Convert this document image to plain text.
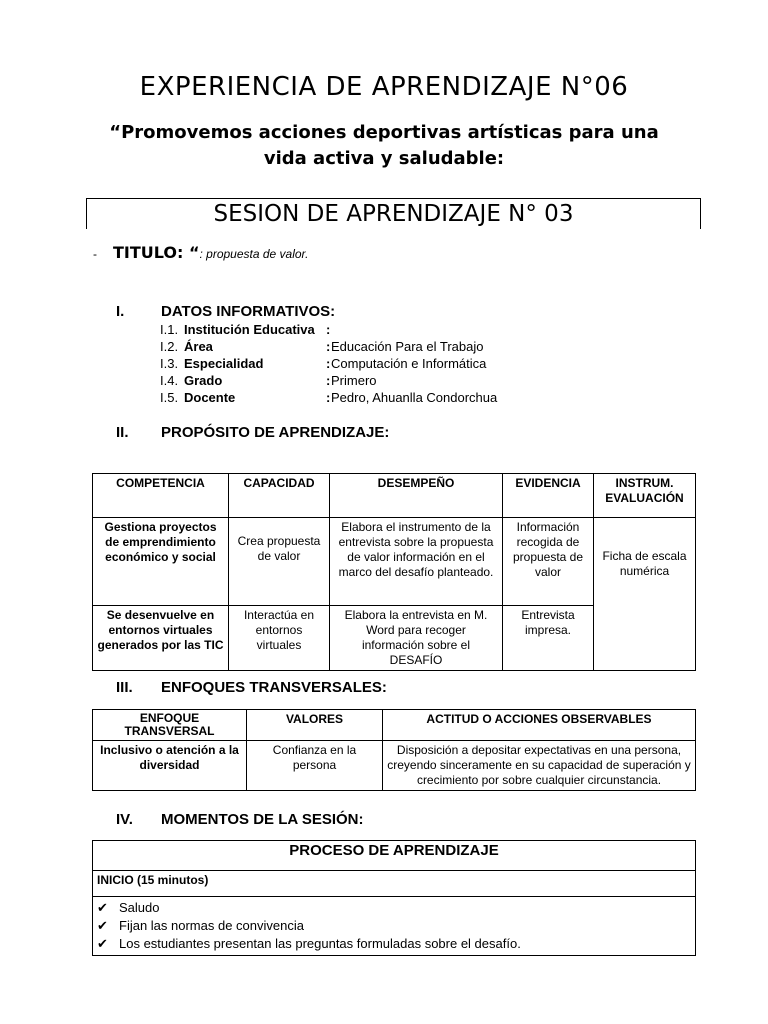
EXPERIENCIA DE APRENDIZAJE N°06
“Promovemos acciones deportivas artísticas para una vida activa y saludable:
SESION DE APRENDIZAJE N° 03
- TITULO: “: propuesta de valor.
I. DATOS INFORMATIVOS:
I.1. Institución Educativa :
I.2. Área	: Educación Para el Trabajo
I.3. Especialidad	: Computación e Informática
I.4. Grado	: Primero
I.5. Docente	: Pedro, Ahuanlla Condorchua
II. PROPÓSITO DE APRENDIZAJE:
COMPETENCIA	CAPACIDAD	DESEMPEÑO	EVIDENCIA	INSTRUM. EVALUACIÓN
Gestiona proyectos de emprendimiento económico y social	Crea propuesta de valor	Elabora el instrumento de la entrevista sobre la propuesta de valor información en el marco del desafío planteado.	Información recogida de propuesta de valor	Ficha de escala numérica
Se desenvuelve en entornos virtuales generados por las TIC	Interactúa en entornos virtuales	Elabora la entrevista en M. Word para recoger información sobre el DESAFÍO	Entrevista impresa.	
III. ENFOQUES TRANSVERSALES:
ENFOQUE TRANSVERSAL	VALORES	ACTITUD O ACCIONES OBSERVABLES
Inclusivo o atención a la diversidad	Confianza en la persona	Disposición a depositar expectativas en una persona, creyendo sinceramente en su capacidad de superación y crecimiento por sobre cualquier circunstancia.
IV. MOMENTOS DE LA SESIÓN:
PROCESO DE APRENDIZAJE
INICIO (15 minutos)

✔ Saludo
✔ Fijan las normas de convivencia
✔ Los estudiantes presentan las preguntas formuladas sobre el desafío.
